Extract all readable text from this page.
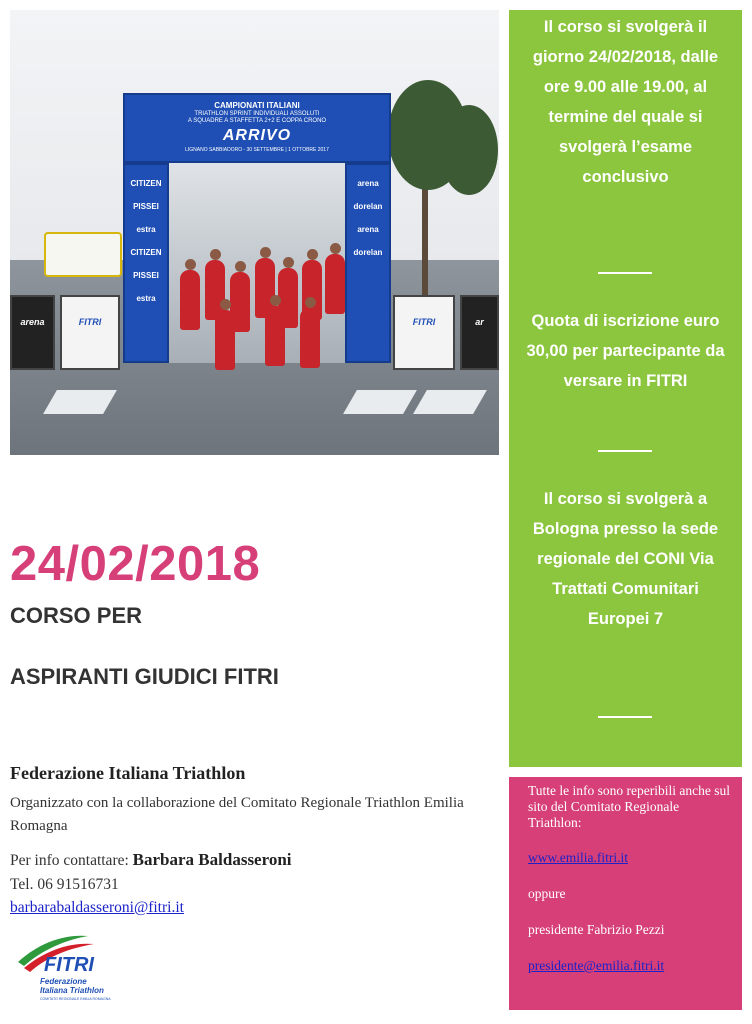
CAMPIONATI ITALIANI
TRIATHLON SPRINT INDIVIDUALI ASSOLUTI
A SQUADRE A STAFFETTA 2+2 E COPPA CRONO
ARRIVO
LIGNANO SABBIADORO - 30 SETTEMBRE | 1 OTTOBRE 2017
CITIZEN
PISSEI
estra
CITIZEN
PISSEI
estra
arena
dorelan
arena
dorelan
arena	FITRI	FITRI	ar
Il corso si svolgerà il giorno 24/02/2018, dalle ore 9.00 alle 19.00, al termine del quale si svolgerà l’esame conclusivo
Quota di iscrizione euro 30,00 per partecipante da versare in FITRI
Il corso si svolgerà a Bologna presso la sede regionale del CONI Via Trattati Comunitari Europei 7
Tutte le info sono reperibili anche sul sito del Comitato Regionale Triathlon:
www.emilia.fitri.it
oppure
presidente Fabrizio Pezzi
presidente@emilia.fitri.it
24/02/2018
CORSO PER
ASPIRANTI GIUDICI FITRI
Federazione Italiana Triathlon
Organizzato con la collaborazione del Comitato Regionale Triathlon Emilia Romagna
Per info contattare: Barbara Baldasseroni
Tel. 06 91516731
barbarabaldasseroni@fitri.it
FITRI
Federazione
Italiana Triathlon
COMITATO REGIONALE EMILIA ROMAGNA
